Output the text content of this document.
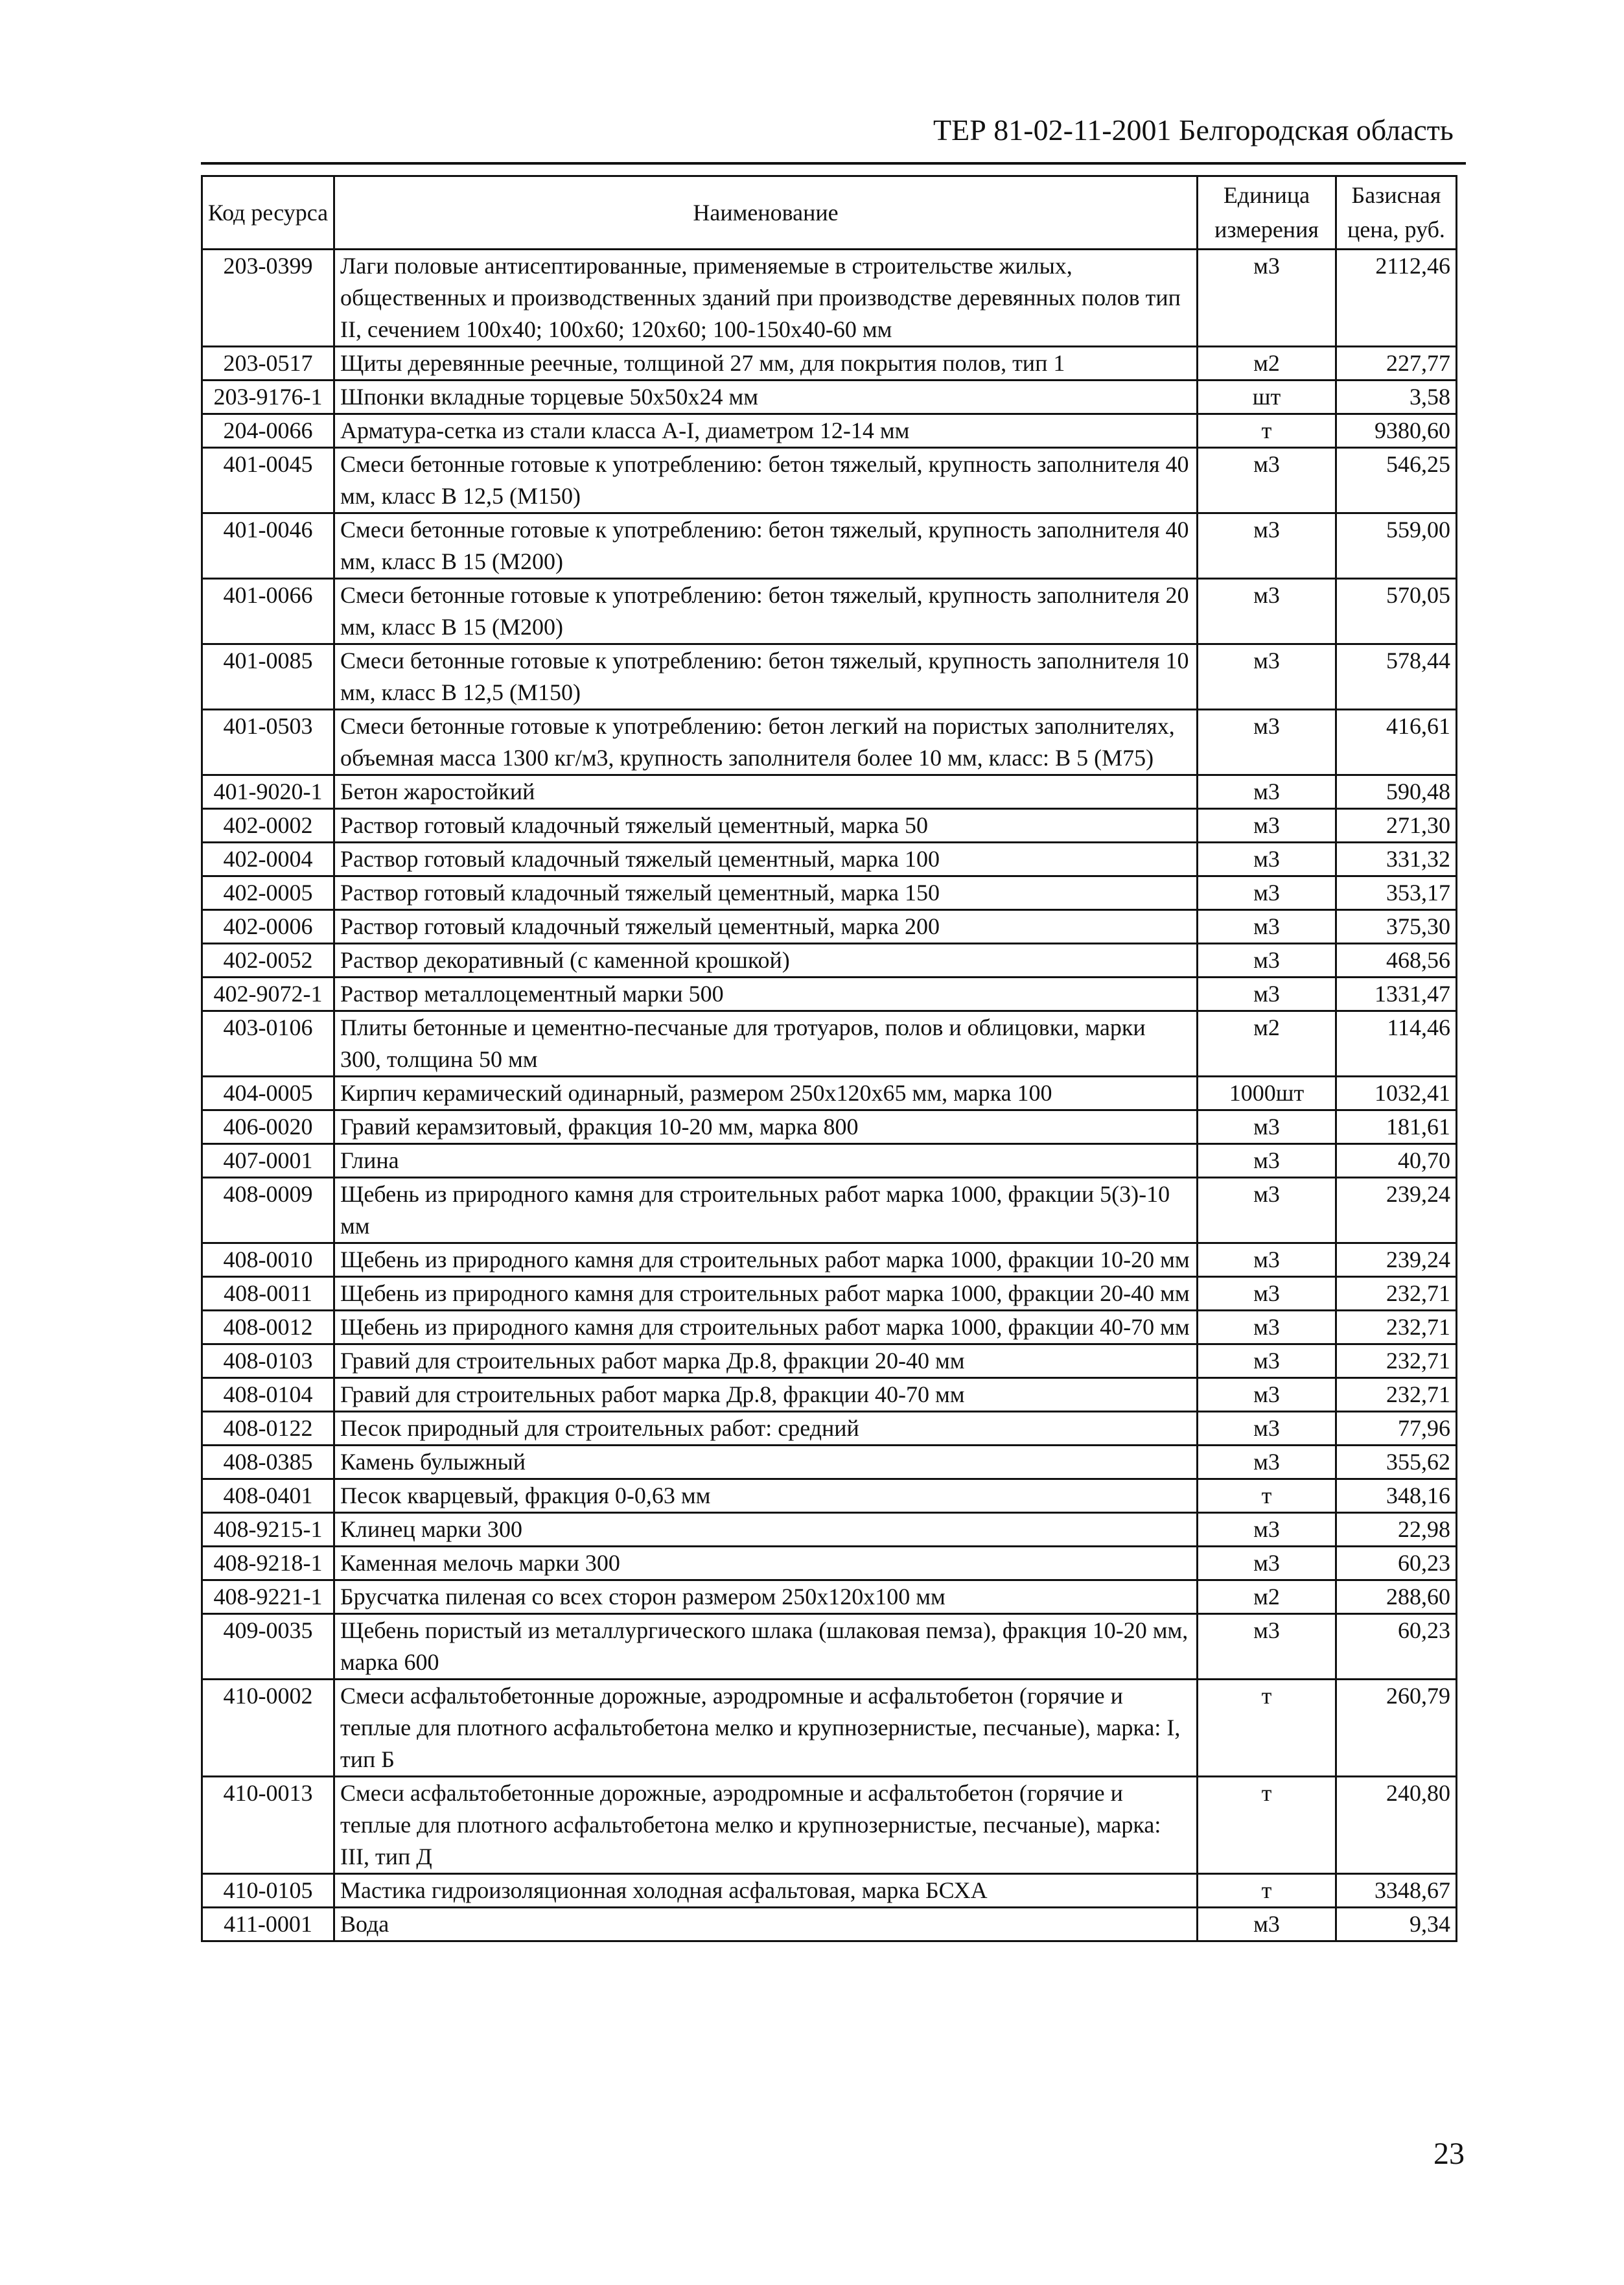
ТЕР 81-02-11-2001 Белгородская область
Код ресурса	Наименование	Единица измерения	Базисная цена, руб.
203-0399	Лаги половые антисептированные, применяемые в строительстве жилых, общественных и производственных зданий при производстве деревянных полов тип II, сечением 100х40; 100х60; 120х60; 100-150х40-60 мм	м3	2112,46
203-0517	Щиты деревянные реечные, толщиной 27 мм, для покрытия полов, тип 1	м2	227,77
203-9176-1	Шпонки вкладные торцевые 50х50х24 мм	шт	3,58
204-0066	Арматура-сетка из стали класса А-I, диаметром 12-14 мм	т	9380,60
401-0045	Смеси бетонные готовые к употреблению: бетон тяжелый, крупность заполнителя 40 мм, класс В 12,5 (М150)	м3	546,25
401-0046	Смеси бетонные готовые к употреблению: бетон тяжелый, крупность заполнителя 40 мм, класс В 15 (М200)	м3	559,00
401-0066	Смеси бетонные готовые к употреблению: бетон тяжелый, крупность заполнителя 20 мм, класс В 15 (М200)	м3	570,05
401-0085	Смеси бетонные готовые к употреблению: бетон тяжелый, крупность заполнителя 10 мм, класс В 12,5 (М150)	м3	578,44
401-0503	Смеси бетонные готовые к употреблению: бетон легкий на пористых заполнителях, объемная масса 1300 кг/м3, крупность заполнителя более 10 мм, класс: В 5 (М75)	м3	416,61
401-9020-1	Бетон жаростойкий	м3	590,48
402-0002	Раствор готовый кладочный тяжелый цементный, марка 50	м3	271,30
402-0004	Раствор готовый кладочный тяжелый цементный, марка 100	м3	331,32
402-0005	Раствор готовый кладочный тяжелый цементный, марка 150	м3	353,17
402-0006	Раствор готовый кладочный тяжелый цементный, марка 200	м3	375,30
402-0052	Раствор декоративный (с каменной крошкой)	м3	468,56
402-9072-1	Раствор металлоцементный марки 500	м3	1331,47
403-0106	Плиты бетонные и цементно-песчаные для тротуаров, полов и облицовки, марки 300, толщина 50 мм	м2	114,46
404-0005	Кирпич керамический одинарный, размером 250х120х65 мм, марка 100	1000шт	1032,41
406-0020	Гравий керамзитовый, фракция 10-20 мм, марка 800	м3	181,61
407-0001	Глина	м3	40,70
408-0009	Щебень из природного камня для строительных работ марка 1000, фракции 5(3)-10 мм	м3	239,24
408-0010	Щебень из природного камня для строительных работ марка 1000, фракции 10-20 мм	м3	239,24
408-0011	Щебень из природного камня для строительных работ марка 1000, фракции 20-40 мм	м3	232,71
408-0012	Щебень из природного камня для строительных работ марка 1000, фракции 40-70 мм	м3	232,71
408-0103	Гравий для строительных работ марка Др.8, фракции 20-40 мм	м3	232,71
408-0104	Гравий для строительных работ марка Др.8, фракции 40-70 мм	м3	232,71
408-0122	Песок природный для строительных работ: средний	м3	77,96
408-0385	Камень булыжный	м3	355,62
408-0401	Песок кварцевый, фракция 0-0,63 мм	т	348,16
408-9215-1	Клинец марки 300	м3	22,98
408-9218-1	Каменная мелочь марки 300	м3	60,23
408-9221-1	Брусчатка пиленая со всех сторон размером 250х120х100 мм	м2	288,60
409-0035	Щебень пористый из металлургического шлака (шлаковая пемза), фракция 10-20 мм, марка 600	м3	60,23
410-0002	Смеси асфальтобетонные дорожные, аэродромные и асфальтобетон (горячие и теплые для плотного асфальтобетона мелко и крупнозернистые, песчаные), марка: I, тип Б	т	260,79
410-0013	Смеси асфальтобетонные дорожные, аэродромные и асфальтобетон (горячие и теплые для плотного асфальтобетона мелко и крупнозернистые, песчаные), марка: III, тип Д	т	240,80
410-0105	Мастика гидроизоляционная холодная асфальтовая, марка БСХА	т	3348,67
411-0001	Вода	м3	9,34
23
